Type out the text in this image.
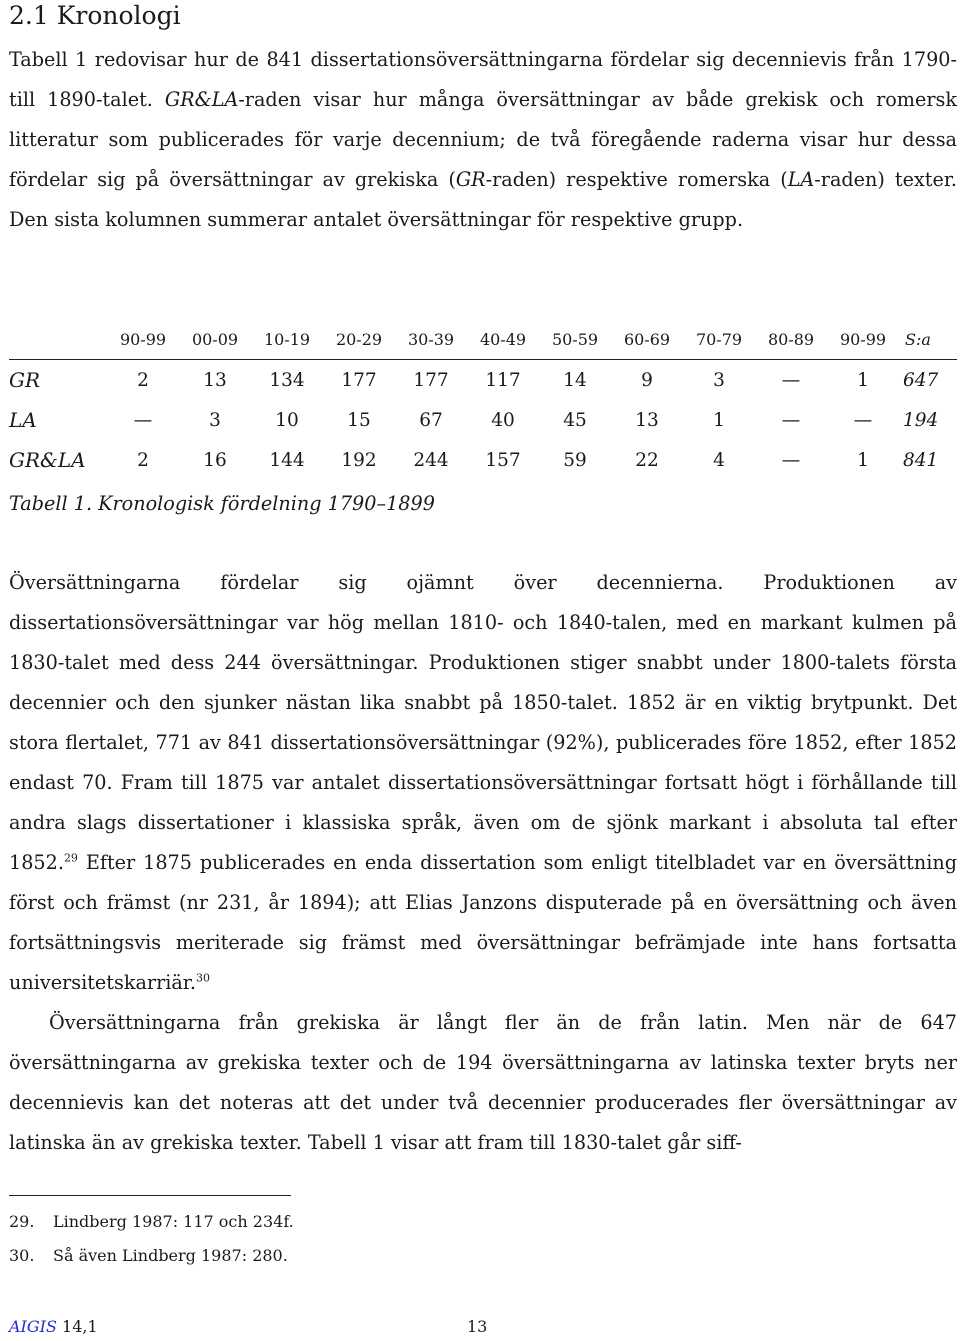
2.1 Kronologi

Tabell 1 redovisar hur de 841 dissertationsöversättningarna fördelar sig decennievis från 1790- till 1890-talet. GR&LA-raden visar hur många översättningar av både grekisk och romersk litteratur som publicerades för varje decennium; de två föregående raderna visar hur dessa fördelar sig på översättningar av grekiska (GR-raden) respektive romerska (LA-raden) texter. Den sista kolumnen summerar antalet översättningar för respektive grupp.

	90-99	00-09	10-19	20-29	30-39	40-49	50-59	60-69	70-79	80-89	90-99	S:a
GR	2	13	134	177	177	117	14	9	3	—	1	647
LA	—	3	10	15	67	40	45	13	1	—	—	194
GR&LA	2	16	144	192	244	157	59	22	4	—	1	841

Tabell 1. Kronologisk fördelning 1790–1899

Översättningarna fördelar sig ojämnt över decennierna. Produktionen av dissertationsöversättningar var hög mellan 1810- och 1840-talen, med en markant kulmen på 1830-talet med dess 244 översättningar. Produktionen stiger snabbt under 1800-talets första decennier och den sjunker nästan lika snabbt på 1850-talet. 1852 är en viktig brytpunkt. Det stora flertalet, 771 av 841 dissertationsöversättningar (92%), publicerades före 1852, efter 1852 endast 70. Fram till 1875 var antalet dissertationsöversättningar fortsatt högt i förhållande till andra slags dissertationer i klassiska språk, även om de sjönk markant i absoluta tal efter 1852.29 Efter 1875 publicerades en enda dissertation som enligt titelbladet var en översättning först och främst (nr 231, år 1894); att Elias Janzons disputerade på en översättning och även fortsättningsvis meriterade sig främst med översättningar befrämjade inte hans fortsatta universitetskarriär.$^{30}$

Översättningarna från grekiska är långt fler än de från latin. Men när de 647 översättningarna av grekiska texter och de 194 översättningarna av latinska texter bryts ner decennievis kan det noteras att det under två decennier producerades fler översättningar av latinska än av grekiska texter. Tabell 1 visar att fram till 1830-talet går siff-

29. Lindberg 1987: 117 och 234f.
30. Så även Lindberg 1987: 280.
AIGIS 14,1	13
